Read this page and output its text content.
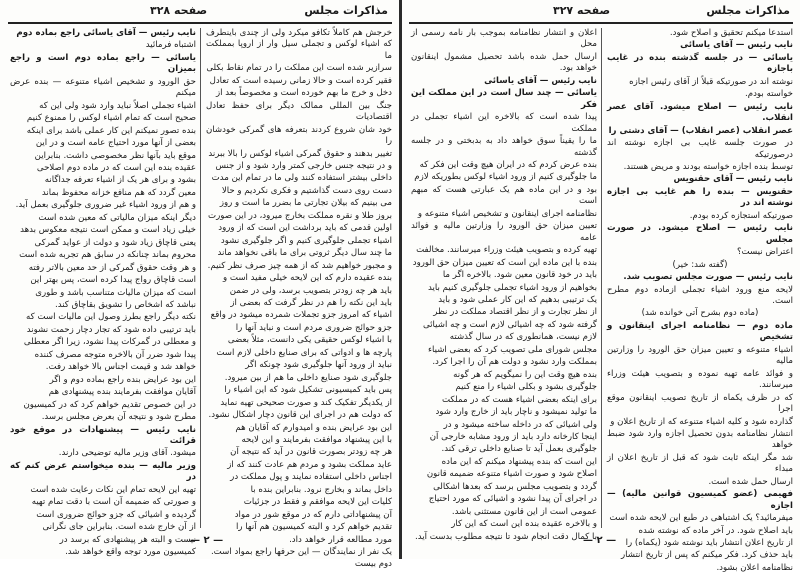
مذاکرات مجلس
صفحه ۳۲۸

خرجش هم کاملاً تکافو میکرد ولی از چندی باینطرف که اشیاء لوکس و تجملی سیل وار از اروپا بمملکت ما

سرازیر شده است این مملکت را در تمام نقاط بکلی

فقیر کرده است و حالا زمانی رسیده است که تعادل

دخل و خرج ما بهم خورده است و مخصوصاً بعد از

جنگ بین المللی ممالک دیگر برای حفظ تعادل اقتصادیات

خود شان شروع کردند بتعرفه های گمرکی خودشان را

تغییر بدهند و حقوق گمرکی اشیاء لوکس را بالا ببرند

و در نتیجه جنس خارجی کمتر وارد شود و از جنس

داخلی بیشتر استفاده کنند ولی ما در تمام این مدت

دست روی دست گذاشتیم و فکری نکردیم و حالا

می بینیم که بیلان تجارتی ما بضرر ما است و روز

بروز طلا و نقره مملکت بخارج میرود، در این صورت

اولین قدمی که باید برداشت این است که از ورود

اشیاء تجملی جلوگیری کنیم و اگر جلوگیری نشود

ما چند سال دیگر ثروتی برای ما باقی نخواهد ماند

و مجبور خواهیم شد که از همه چیز صرف نظر کنیم.

بنده عقیده دارم که این لایحه خیلی مفید است و

باید هر چه زودتر بتصویب برسد، ولی در ضمن

باید این نکته را هم در نظر گرفت که بعضی از

اشیاء که امروز جزو تجملات شمرده میشود در واقع

جزو حوائج ضروری مردم است و نباید آنها را

با اشیاء لوکس حقیقی یکی دانست، مثلاً بعضی

پارچه ها و ادواتی که برای صنایع داخلی لازم است

نباید از ورود آنها جلوگیری شود چونکه اگر

جلوگیری شود صنایع داخلی ما هم از بین میرود.

پس باید کمیسیونی تشکیل شود که این اشیاء را

از یکدیگر تفکیک کند و صورت صحیحی تهیه نماید

که دولت هم در اجرای این قانون دچار اشکال نشود.

این بود عرایض بنده و امیدوارم که آقایان هم

با این پیشنهاد موافقت بفرمایند و این لایحه

هر چه زودتر بصورت قانون در آید که نتیجه آن

عاید مملکت بشود و مردم هم عادت کنند که از

اجناس داخلی استفاده نمایند و پول مملکت در

داخل بماند و بخارج نرود. بنابراین بنده با

کلیات این لایحه موافقم و فقط در جزئیات

آن پیشنهاداتی دارم که در موقع شور در مواد

تقدیم خواهم کرد و البته کمیسیون هم آنها را

مورد مطالعه قرار خواهد داد.

یک نفر از نمایندگان — این حرفها راجع بمواد است.

دوم بیست

نایب رئیس — آقای یاسائی راجع بماده دوم

اشتباه فرمائید

یاسائی — راجع بماده دوم است و راجع بمیزان

حق الورود و تشخیص اشیاء متنوعه — بنده عرض میکنم

اشیاء تجملی اصلاً نباید وارد شود ولی این که

صحیح است که تمام اشیاء لوکس را ممنوع کنیم

بنده تصور نمیکنم این کار عملی باشد برای اینکه

بعضی از آنها مورد احتیاج عامه است و در این

موقع باید بآنها نظر مخصوصی داشت. بنابراین

عقیده بنده این است که در ماده دوم اصلاحی

بشود و برای هر یک از اشیاء تعرفه جداگانه

معین گردد که هم منافع خزانه محفوظ بماند

و هم از ورود اشیاء غیر ضروری جلوگیری بعمل آید.

دیگر اینکه میزان مالیاتی که معین شده است

خیلی زیاد است و ممکن است نتیجه معکوس بدهد

یعنی قاچاق زیاد شود و دولت از عواید گمرکی

محروم بماند چنانکه در سابق هم تجربه شده است

و هر وقت حقوق گمرکی از حد معین بالاتر رفته

است قاچاق رواج پیدا کرده است، پس بهتر این

است که میزان مالیات متناسب باشد و طوری

نباشد که اشخاص را تشویق بقاچاق کند.

نکته دیگر راجع بطرز وصول این مالیات است که

باید ترتیبی داده شود که تجار دچار زحمت نشوند

و معطلی در گمرکات پیدا نشود، زیرا اگر معطلی

پیدا شود ضرر آن بالاخره متوجه مصرف کننده

خواهد شد و قیمت اجناس بالا خواهد رفت.

این بود عرایض بنده راجع بماده دوم و اگر

آقایان موافقت بفرمایند بنده پیشنهادی هم

در این خصوص تقدیم خواهم کرد که در کمیسیون

مطرح شود و نتیجه آن بعرض مجلس برسد.

نایب رئیس — پیشنهادات در موقع خود قرائت

میشود. آقای وزیر مالیه توضیحی دارند.

وزیر مالیه — بنده میخواستم عرض کنم که در

تهیه این لایحه تمام این نکات رعایت شده است

و صورتی که ضمیمه آن است با دقت تمام تهیه

گردیده و اشیائی که جزو حوائج ضروری است

از آن خارج شده است. بنابراین جای نگرانی

نیست و البته هر پیشنهادی که برسد در

کمیسیون مورد توجه واقع خواهد شد.

— ۲ —
مذاکرات مجلس
صفحه ۳۲۷

استدعا میکنم تحقیق و اصلاح شود.

نایب رئیس — آقای یاسائی

یاسائی — در جلسه گذشته بنده در غایب باجازه

نوشته اند در صورتیکه قبلاً از آقای رئیس اجازه

خواسته بودم.

نایب رئیس — اصلاح میشود. آقای عصر انقلاب.

عصر انقلاب (عصر انقلاب) — آقای دشتی را

در صورت جلسه غایب بی اجازه نوشته اند درصورتیکه

توسط بنده اجازه خواسته بودند و مریض هستند.

نایب رئیس — آقای حقنویس

حقنویس — بنده را هم غایب بی اجازه نوشته اند در

صورتیکه استجازه کرده بودم.

نایب رئیس — اصلاح میشود. در صورت مجلس

اعتراض نیست؟

(گفته شد: خیر)

نایب رئیس — صورت مجلس تصویب شد.

لایحه منع ورود اشیاء تجملی ازماده دوم مطرح است.

(ماده دوم بشرح آتی خوانده شد)

ماده دوم — نظامنامه اجرای اینقانون و تشخیص

اشیاء متنوعه و تعیین میزان حق الورود را وزارتین مالیه

و فوائد عامه تهیه نموده و بتصویب هیئت وزراء میرسانند.

که در ظرف یکماه از تاریخ تصویب اینقانون موقع اجرا

گذارده شود و کلیه اشیاء متنوعه که از تاریخ اعلان و

انتشار نظامنامه بدون تحصیل اجازه وارد شود ضبط خواهد

شد مگر اینکه ثابت شود که قبل از تاریخ اعلان از مبداء

ارسال حمل شده است.

فهیمی (عضو کمیسیون قوانین مالیه) — اجازه

میفرمائید؟ یک اشتباهی در طبع این لایحه شده است

باید اصلاح شود. در آخر ماده که نوشته شده

از تاریخ اعلان انتشار باید نوشته شود (یکماه) را

باید حذف کرد. فکر میکنم که پس از تاریخ انتشار

نظامنامه اعلان بشود.

اعلان و انتشار نظامنامه بموجب بار نامه رسمی از محل

ارسال حمل شده باشد تحصیل مشمول اینقانون خواهد بود.

نایب رئیس — آقای یاسائی

یاسائی — چند سال است در این مملکت این فکر

پیدا شده است که بالاخره این اشیاء تجملی در مملکت

ما را یقیناً سوق خواهد داد به بدبختی و در جلسه گذشته

بنده عرض کردم که در ایران هیچ وقت این فکر که

ما جلوگیری کنیم از ورود اشیاء لوکس بطوریکه لازم

بود و در این ماده هم یک عبارتی هست که مبهم است

نظامنامه اجرای اینقانون و تشخیص اشیاء متنوعه و

تعیین میزان حق الورود را وزارتین مالیه و فوائد عامه

تهیه کرده و بتصویب هیئت وزراء میرسانند. مخالفت

بنده با این ماده این است که تعیین میزان حق الورود

باید در خود قانون معین شود. بالاخره اگر ما

بخواهیم از ورود اشیاء تجملی جلوگیری کنیم باید

یک ترتیبی بدهیم که این کار عملی شود و باید

از نظر تجارت و از نظر اقتصاد مملکت در نظر

گرفته شود که چه اشیائی لازم است و چه اشیائی

لازم نیست، همانطوری که در سال گذشته

مجلس شورای ملی تصویب کرد که بعضی اشیاء

بمملکت وارد نشود و دولت هم آن را اجرا کرد.

بنده هیچ وقت این را نمیگویم که هر گونه

جلوگیری بشود و بکلی اشیاء را منع کنیم

برای اینکه بعضی اشیاء هست که در مملکت

ما تولید نمیشود و ناچار باید از خارج وارد شود

ولی اشیائی که در داخله ساخته میشود و در

اینجا کارخانه دارد باید از ورود مشابه خارجی آن

جلوگیری بعمل آید تا صنایع داخلی ترقی کند.

این است که بنده پیشنهاد میکنم که این ماده

اصلاح شود و صورت اشیاء متنوعه ضمیمه قانون

گردد و بتصویب مجلس برسد که بعدها اشکالی

در اجرای آن پیدا نشود و اشیائی که مورد احتیاج

عمومی است از این قانون مستثنی باشد.

و بالاخره عقیده بنده این است که این کار

با کمال دقت انجام شود تا نتیجه مطلوب بدست آید.

— ۲ —
